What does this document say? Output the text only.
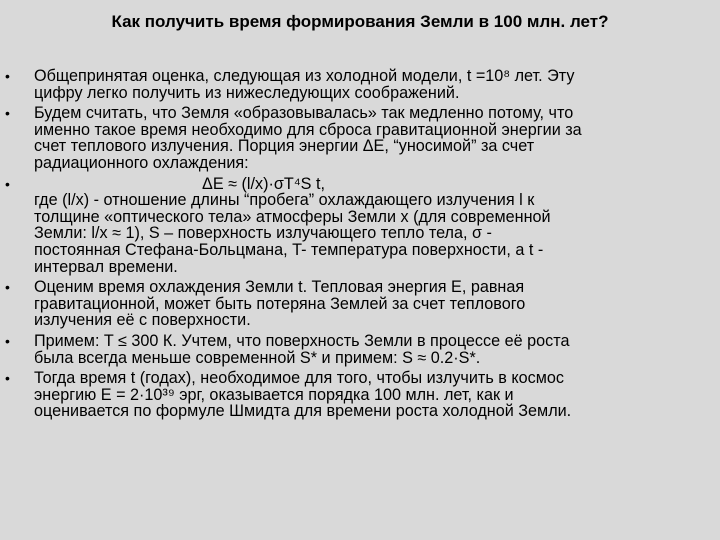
Как получить время формирования Земли в 100 млн. лет?
• Общепринятая оценка, следующая из холодной модели, t =10⁸ лет. Эту
цифру легко получить из нижеследующих соображений.
• Будем считать, что Земля «образовывалась» так медленно потому, что
именно такое время необходимо для сброса гравитационной энергии за
счет теплового излучения. Порция энергии ΔE, “уносимой” за счет
радиационного охлаждения:
•	ΔE ≈ (l/x)·σT⁴S t,
где (l/x) - отношение длины “пробега” охлаждающего излучения l к
толщине «оптического тела» атмосферы Земли x (для современной
Земли: l/x ≈ 1), S – поверхность излучающего тепло тела, σ -
постоянная Стефана-Больцмана, T- температура поверхности, а t -
интервал времени.
• Оценим время охлаждения Земли t. Тепловая энергия E, равная
гравитационной, может быть потеряна Землей за счет теплового
излучения её с поверхности.
• Примем: T ≤ 300 К. Учтем, что поверхность Земли в процессе её роста
была всегда меньше современной S* и примем: S ≈ 0.2·S*.
• Тогда время t (годах), необходимое для того, чтобы излучить в космос
энергию E = 2·10³⁹ эрг, оказывается порядка 100 млн. лет, как и
оценивается по формуле Шмидта для времени роста холодной Земли.
